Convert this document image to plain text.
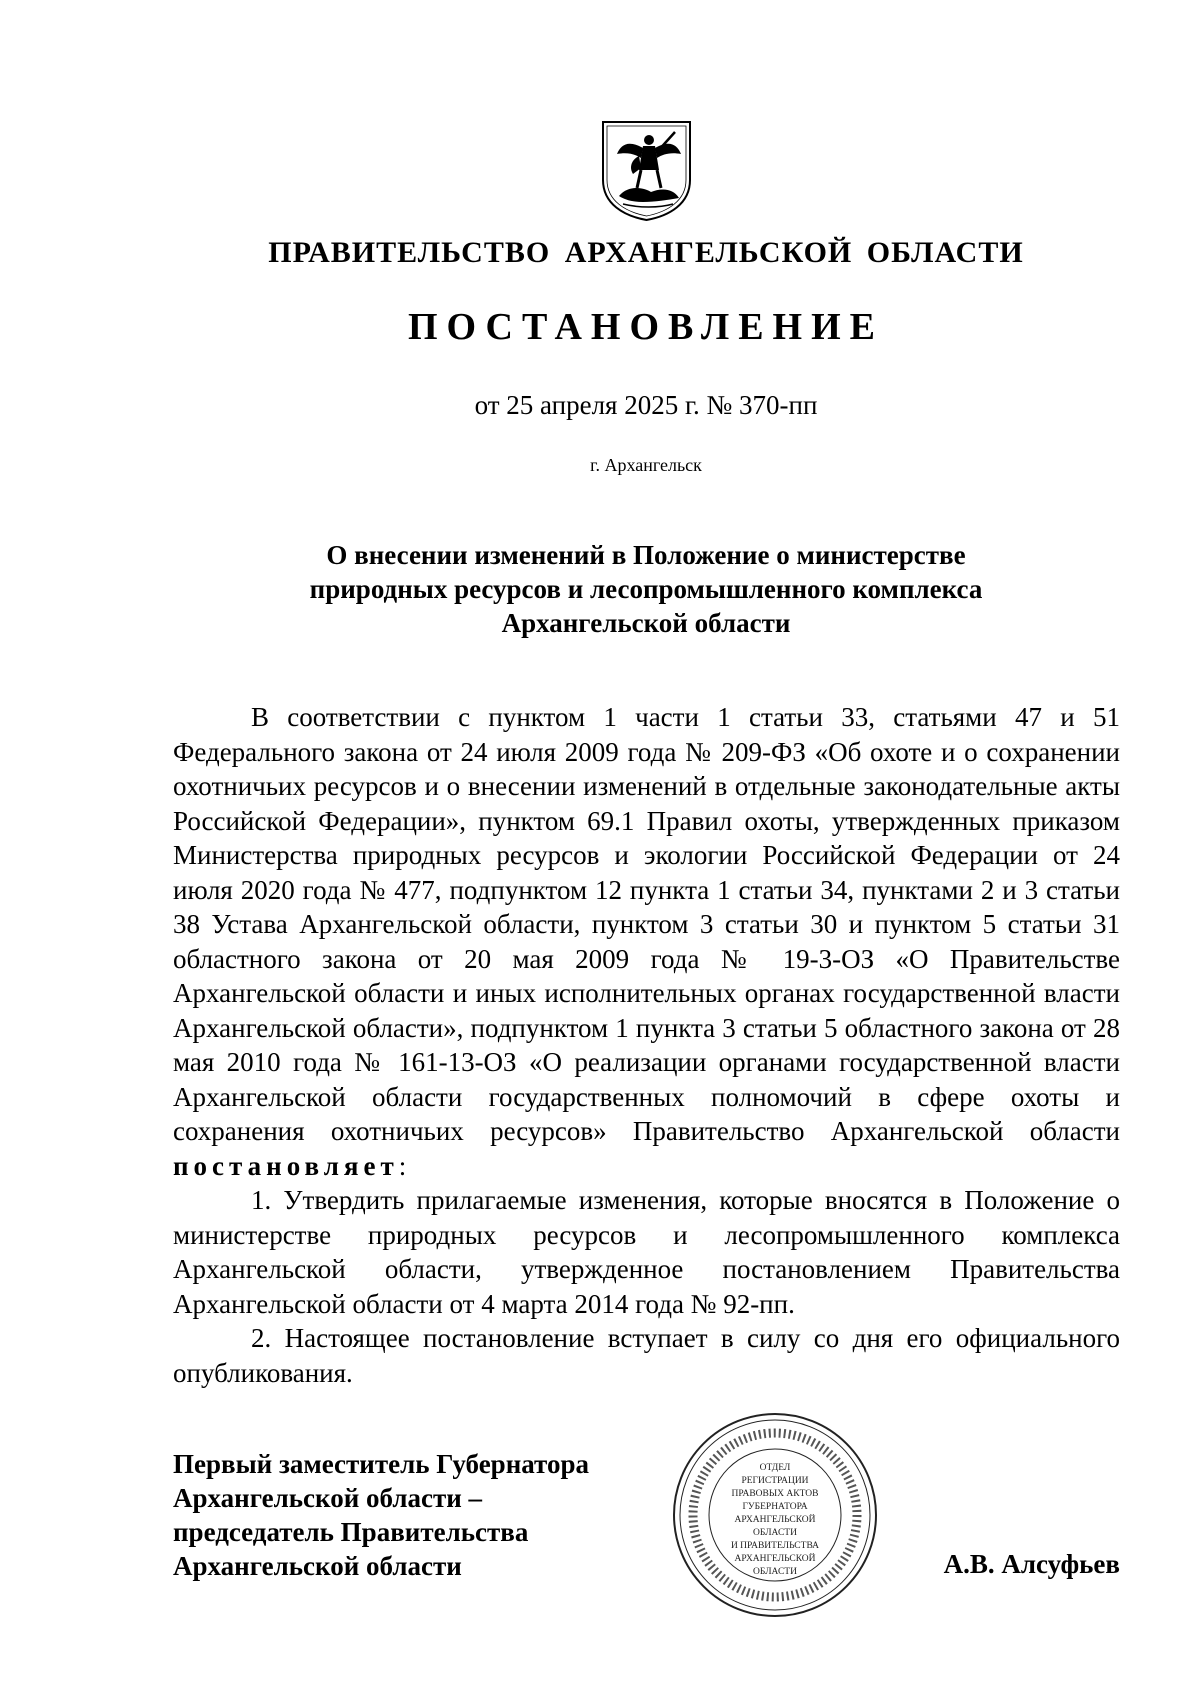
ПРАВИТЕЛЬСТВО АРХАНГЕЛЬСКОЙ ОБЛАСТИ
ПОСТАНОВЛЕНИЕ
от 25 апреля 2025 г. № 370-пп
г. Архангельск
О внесении изменений в Положение о министерстве
природных ресурсов и лесопромышленного комплекса
Архангельской области

В соответствии с пунктом 1 части 1 статьи 33, статьями 47 и 51 Федерального закона от 24 июля 2009 года № 209-ФЗ «Об охоте и о сохранении охотничьих ресурсов и о внесении изменений в отдельные законодательные акты Российской Федерации», пунктом 69.1 Правил охоты, утвержденных приказом Министерства природных ресурсов и экологии Российской Федерации от 24 июля 2020 года № 477, подпунктом 12 пункта 1 статьи 34, пунктами 2 и 3 статьи 38 Устава Архангельской области, пунктом 3 статьи 30 и пунктом 5 статьи 31 областного закона от 20 мая 2009 года № 19-3-ОЗ «О Правительстве Архангельской области и иных исполнительных органах государственной власти Архангельской области», подпунктом 1 пункта 3 статьи 5 областного закона от 28 мая 2010 года № 161-13-ОЗ «О реализации органами государственной власти Архангельской области государственных полномочий в сфере охоты и сохранения охотничьих ресурсов» Правительство Архангельской области постановляет:

1. Утвердить прилагаемые изменения, которые вносятся в Положение о министерстве природных ресурсов и лесопромышленного комплекса Архангельской области, утвержденное постановлением Правительства Архангельской области от 4 марта 2014 года № 92-пп.

2. Настоящее постановление вступает в силу со дня его официального опубликования.

Первый заместитель Губернатора
Архангельской области –
председатель Правительства
Архангельской области
ОТДЕЛ
РЕГИСТРАЦИИ
ПРАВОВЫХ АКТОВ
ГУБЕРНАТОРА
АРХАНГЕЛЬСКОЙ
ОБЛАСТИ
И ПРАВИТЕЛЬСТВА
АРХАНГЕЛЬСКОЙ
ОБЛАСТИ	А.В. Алсуфьев
